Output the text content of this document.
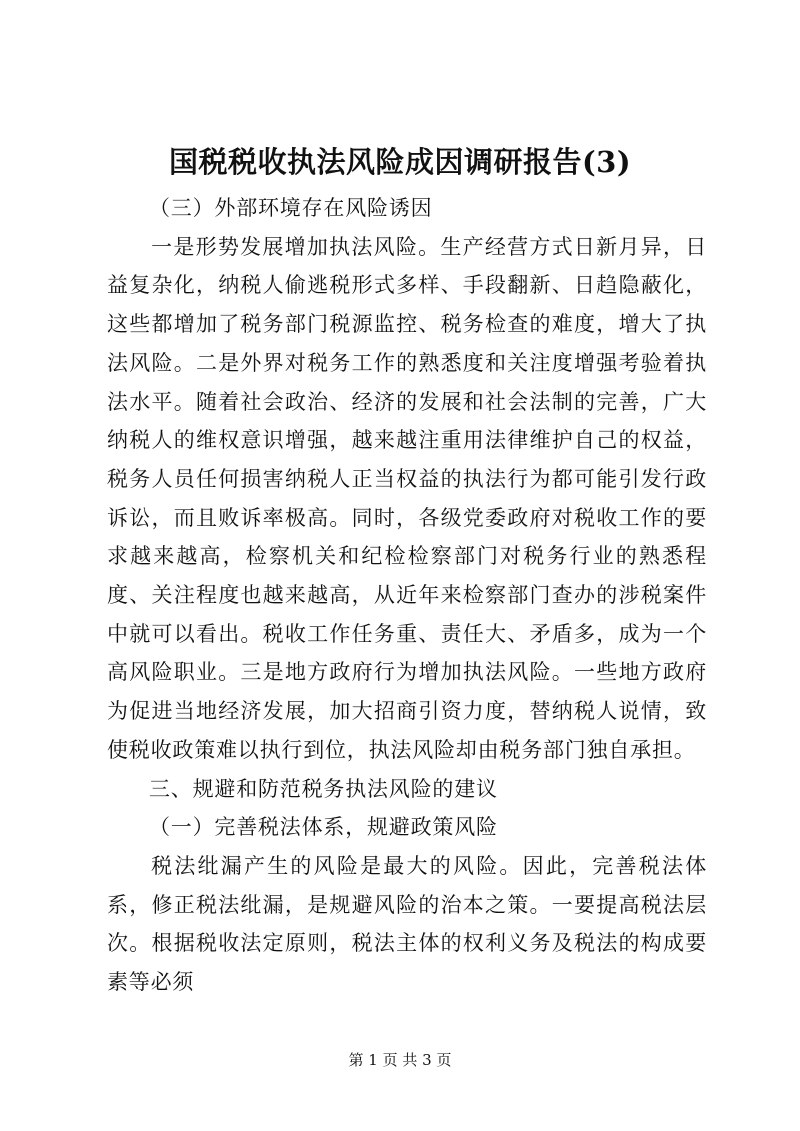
国税税收执法风险成因调研报告(3)

（三）外部环境存在风险诱因

一是形势发展增加执法风险。生产经营方式日新月异，日益复杂化，纳税人偷逃税形式多样、手段翻新、日趋隐蔽化，这些都增加了税务部门税源监控、税务检查的难度，增大了执法风险。二是外界对税务工作的熟悉度和关注度增强考验着执法水平。随着社会政治、经济的发展和社会法制的完善，广大纳税人的维权意识增强，越来越注重用法律维护自己的权益，税务人员任何损害纳税人正当权益的执法行为都可能引发行政诉讼，而且败诉率极高。同时，各级党委政府对税收工作的要求越来越高，检察机关和纪检检察部门对税务行业的熟悉程度、关注程度也越来越高，从近年来检察部门查办的涉税案件中就可以看出。税收工作任务重、责任大、矛盾多，成为一个高风险职业。三是地方政府行为增加执法风险。一些地方政府为促进当地经济发展，加大招商引资力度，替纳税人说情，致使税收政策难以执行到位，执法风险却由税务部门独自承担。

三、规避和防范税务执法风险的建议

（一）完善税法体系，规避政策风险

税法纰漏产生的风险是最大的风险。因此，完善税法体系，修正税法纰漏，是规避风险的治本之策。一要提高税法层次。根据税收法定原则，税法主体的权利义务及税法的构成要素等必须

第 1 页 共 3 页
